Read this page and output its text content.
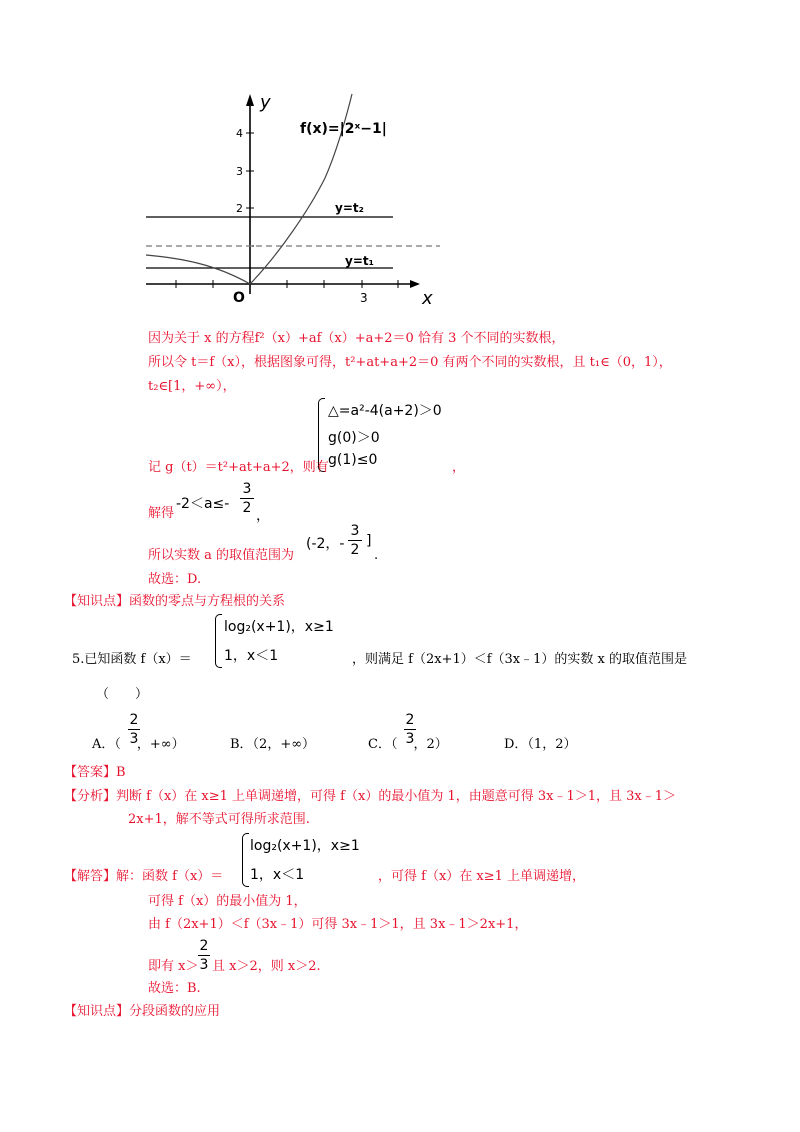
y
x
O
4
3
2
3
f(x)=|2ˣ−1|
y=t₂
y=t₁
因为关于 x 的方程f²（x）+af（x）+a+2＝0 恰有 3 个不同的实数根，
所以令 t＝f（x），根据图象可得，t²+at+a+2＝0 有两个不同的实数根，且 t₁∈（0，1），
t₂∈[1，+∞），
△=a²-4(a+2)＞0
g(0)＞0
g(1)≤0
记 g（t）＝t²+at+a+2，则有	，
解得
-2＜a≤-
3
2 ，
所以实数 a 的取值范围为
(-2，-
3
2
]
.
故选：D.
【知识点】函数的零点与方程根的关系
5.已知函数 f（x）＝
log₂(x+1)，x≥1
1，x＜1	，则满足 f（2x+1）＜f（3x﹣1）的实数 x 的取值范围是
（　　）
A．（ ，+∞）
2
3	B．（2，+∞）	C．（ ，2）
2
3	D．（1，2）
【答案】B
【分析】判断 f（x）在 x≥1 上单调递增，可得 f（x）的最小值为 1，由题意可得 3x﹣1＞1，且 3x﹣1＞
2x+1，解不等式可得所求范围.
【解答】解：函数 f（x）＝
log₂(x+1)，x≥1
1，x＜1	，可得 f（x）在 x≥1 上单调递增，
可得 f（x）的最小值为 1，
由 f（2x+1）＜f（3x﹣1）可得 3x﹣1＞1，且 3x﹣1＞2x+1，
即有 x＞
2
3 且 x＞2，则 x＞2.
故选：B.
【知识点】分段函数的应用
